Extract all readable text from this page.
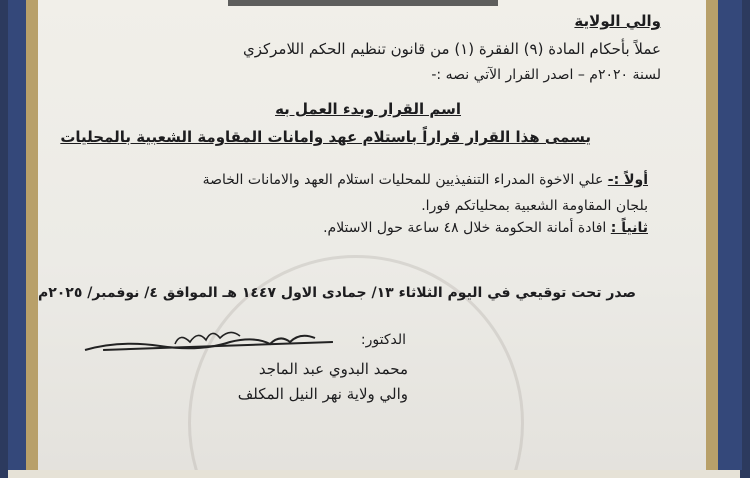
والي الولاية
عملاً بأحكام المادة (٩) الفقرة (١) من قانون تنظيم الحكم اللامركزي
لسنة ٢٠٢٠م – اصدر القرار الآتي نصه :-
اسم القرار وبدء العمل به
يسمى هذا القرار قراراً باستلام عهد وامانات المقاومة الشعبية بالمحليات
أولاً :- علي الاخوة المدراء التنفيذيين للمحليات استلام العهد والامانات الخاصة
بلجان المقاومة الشعبية بمحلياتكم فورا.
ثانياً : افادة أمانة الحكومة خلال ٤٨ ساعة حول الاستلام.
صدر تحت توقيعي في اليوم الثلاثاء ١٣/ جمادى الاول ١٤٤٧ هـ الموافق ٤/ نوفمبر/ ٢٠٢٥م
الدكتور:
محمد البدوي عبد الماجد
والي ولاية نهر النيل المكلف
